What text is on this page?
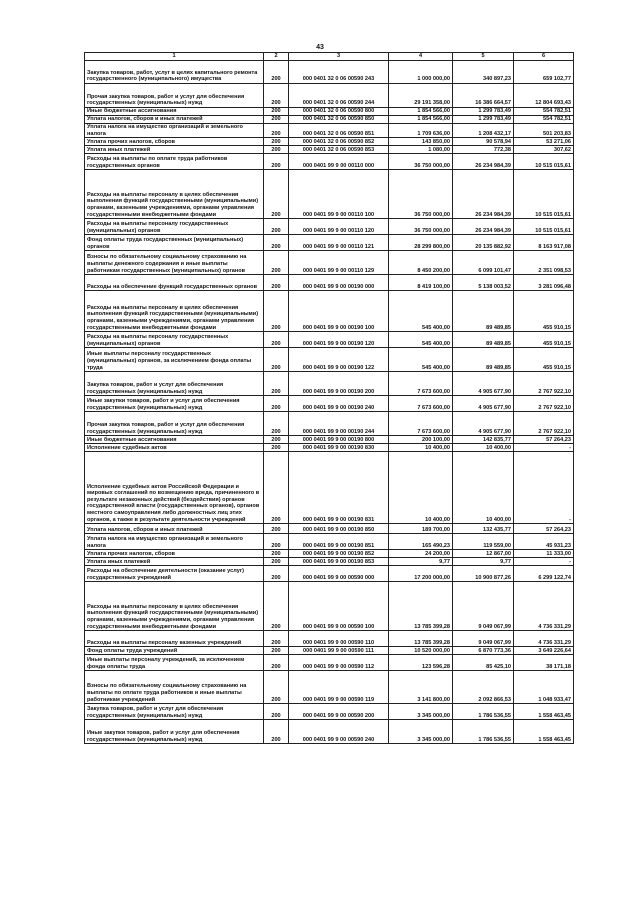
43
1	2	3	4	5	6
Закупка товаров, работ, услуг в целях капитального ремонта государственного (муниципального) имущества	200	000 0401 32 0 06 00590 243	1 000 000,00	340 897,23	659 102,77
Прочая закупка товаров, работ и услуг для обеспечения государственных (муниципальных) нужд	200	000 0401 32 0 06 00590 244	29 191 358,00	16 386 664,57	12 804 693,43
Иные бюджетные ассигнования	200	000 0401 32 0 06 00590 800	1 854 566,00	1 299 783,49	554 782,51
Уплата налогов, сборов и иных платежей	200	000 0401 32 0 06 00590 850	1 854 566,00	1 299 783,49	554 782,51
Уплата налога на имущество организаций и земельного налога	200	000 0401 32 0 06 00590 851	1 709 636,00	1 208 432,17	501 203,83
Уплата прочих налогов, сборов	200	000 0401 32 0 06 00590 852	143 850,00	90 578,94	53 271,06
Уплата иных платежей	200	000 0401 32 0 06 00590 853	1 080,00	772,38	307,62
Расходы на выплаты по оплате труда работников государственных органов	200	000 0401 99 9 00 00110 000	36 750 000,00	26 234 984,39	10 515 015,61
Расходы на выплаты персоналу в целях обеспечения выполнения функций государственными (муниципальными) органами, казенными учреждениями, органами управления государственными внебюджетными фондами	200	000 0401 99 9 00 00110 100	36 750 000,00	26 234 984,39	10 515 015,61
Расходы на выплаты персоналу государственных (муниципальных) органов	200	000 0401 99 9 00 00110 120	36 750 000,00	26 234 984,39	10 515 015,61
Фонд оплаты труда государственных (муниципальных) органов	200	000 0401 99 9 00 00110 121	28 299 800,00	20 135 882,92	8 163 917,08
Взносы по обязательному социальному страхованию на выплаты денежного содержания и иные выплаты работникам государственных (муниципальных) органов	200	000 0401 99 9 00 00110 129	8 450 200,00	6 099 101,47	2 351 098,53
Расходы на обеспечение функций государственных органов	200	000 0401 99 9 00 00190 000	8 419 100,00	5 138 003,52	3 281 096,48
Расходы на выплаты персоналу в целях обеспечения выполнения функций государственными (муниципальными) органами, казенными учреждениями, органами управления государственными внебюджетными фондами	200	000 0401 99 9 00 00190 100	545 400,00	89 489,85	455 910,15
Расходы на выплаты персоналу государственных (муниципальных) органов	200	000 0401 99 9 00 00190 120	545 400,00	89 489,85	455 910,15
Иные выплаты персоналу государственных (муниципальных) органов, за исключением фонда оплаты труда	200	000 0401 99 9 00 00190 122	545 400,00	89 489,85	455 910,15
Закупка товаров, работ и услуг для обеспечения государственных (муниципальных) нужд	200	000 0401 99 9 00 00190 200	7 673 600,00	4 905 677,90	2 767 922,10
Иные закупки товаров, работ и услуг для обеспечения государственных (муниципальных) нужд	200	000 0401 99 9 00 00190 240	7 673 600,00	4 905 677,90	2 767 922,10
Прочая закупка товаров, работ и услуг для обеспечения государственных (муниципальных) нужд	200	000 0401 99 9 00 00190 244	7 673 600,00	4 905 677,90	2 767 922,10
Иные бюджетные ассигнования	200	000 0401 99 9 00 00190 800	200 100,00	142 835,77	57 264,23
Исполнение судебных актов	200	000 0401 99 9 00 00190 830	10 400,00	10 400,00	-
Исполнение судебных актов Российской Федерации и мировых соглашений по возмещению вреда, причиненного в результате незаконных действий (бездействия) органов государственной власти (государственных органов), органов местного самоуправления либо должностных лиц этих органов, а также в результате деятельности учреждений	200	000 0401 99 9 00 00190 831	10 400,00	10 400,00	-
Уплата налогов, сборов и иных платежей	200	000 0401 99 9 00 00190 850	189 700,00	132 435,77	57 264,23
Уплата налога на имущество организаций и земельного налога	200	000 0401 99 9 00 00190 851	165 490,23	119 559,00	45 931,23
Уплата прочих налогов, сборов	200	000 0401 99 9 00 00190 852	24 200,00	12 867,00	11 333,00
Уплата иных платежей	200	000 0401 99 9 00 00190 853	9,77	9,77	-
Расходы на обеспечение деятельности (оказание услуг) государственных учреждений	200	000 0401 99 9 00 00590 000	17 200 000,00	10 900 877,26	6 299 122,74
Расходы на выплаты персоналу в целях обеспечения выполнения функций государственными (муниципальными) органами, казенными учреждениями, органами управления государственными внебюджетными фондами	200	000 0401 99 9 00 00590 100	13 785 399,28	9 049 067,99	4 736 331,29
Расходы на выплаты персоналу казенных учреждений	200	000 0401 99 9 00 00590 110	13 785 399,28	9 049 067,99	4 736 331,29
Фонд оплаты труда учреждений	200	000 0401 99 9 00 00590 111	10 520 000,00	6 870 773,36	3 649 226,64
Иные выплаты персоналу учреждений, за исключением фонда оплаты труда	200	000 0401 99 9 00 00590 112	123 596,28	85 425,10	38 171,18
Взносы по обязательному социальному страхованию на выплаты по оплате труда работников и иные выплаты работникам учреждений	200	000 0401 99 9 00 00590 119	3 141 800,00	2 092 866,53	1 048 933,47
Закупка товаров, работ и услуг для обеспечения государственных (муниципальных) нужд	200	000 0401 99 9 00 00590 200	3 345 000,00	1 786 536,55	1 558 463,45
Иные закупки товаров, работ и услуг для обеспечения государственных (муниципальных) нужд	200	000 0401 99 9 00 00590 240	3 345 000,00	1 786 536,55	1 558 463,45
